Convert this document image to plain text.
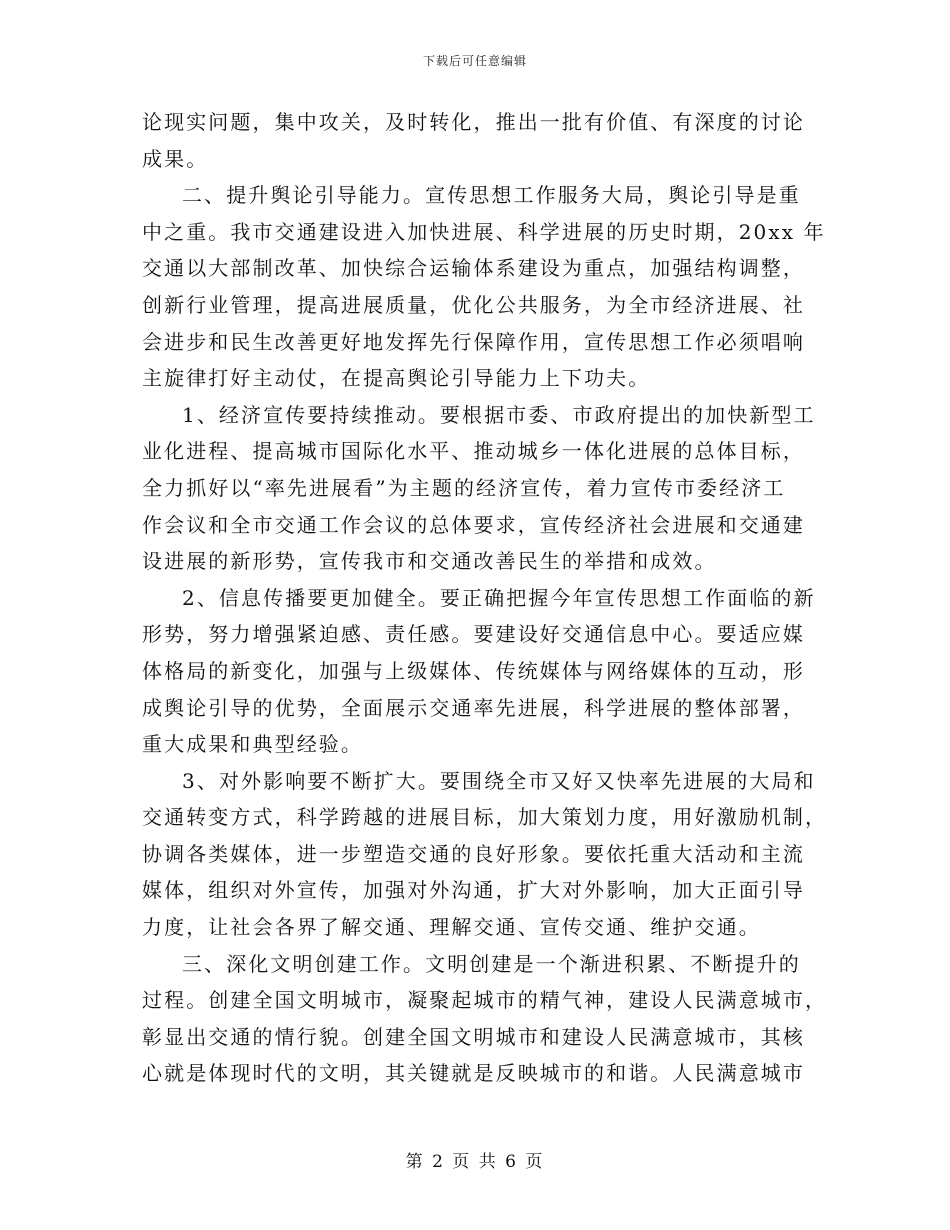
下载后可任意编辑
论现实问题，集中攻关，及时转化，推出一批有价值、有深度的讨论
成果。
二、提升舆论引导能力。宣传思想工作服务大局，舆论引导是重
中之重。我市交通建设进入加快进展、科学进展的历史时期，20xx 年
交通以大部制改革、加快综合运输体系建设为重点，加强结构调整，
创新行业管理，提高进展质量，优化公共服务，为全市经济进展、社
会进步和民生改善更好地发挥先行保障作用，宣传思想工作必须唱响
主旋律打好主动仗，在提高舆论引导能力上下功夫。
1、经济宣传要持续推动。要根据市委、市政府提出的加快新型工
业化进程、提高城市国际化水平、推动城乡一体化进展的总体目标，
全力抓好以“率先进展看”为主题的经济宣传，着力宣传市委经济工
作会议和全市交通工作会议的总体要求，宣传经济社会进展和交通建
设进展的新形势，宣传我市和交通改善民生的举措和成效。
2、信息传播要更加健全。要正确把握今年宣传思想工作面临的新
形势，努力增强紧迫感、责任感。要建设好交通信息中心。要适应媒
体格局的新变化，加强与上级媒体、传统媒体与网络媒体的互动，形
成舆论引导的优势，全面展示交通率先进展，科学进展的整体部署，
重大成果和典型经验。
3、对外影响要不断扩大。要围绕全市又好又快率先进展的大局和
交通转变方式，科学跨越的进展目标，加大策划力度，用好激励机制，
协调各类媒体，进一步塑造交通的良好形象。要依托重大活动和主流
媒体，组织对外宣传，加强对外沟通，扩大对外影响，加大正面引导
力度，让社会各界了解交通、理解交通、宣传交通、维护交通。
三、深化文明创建工作。文明创建是一个渐进积累、不断提升的
过程。创建全国文明城市，凝聚起城市的精气神，建设人民满意城市，
彰显出交通的情行貌。创建全国文明城市和建设人民满意城市，其核
心就是体现时代的文明，其关键就是反映城市的和谐。人民满意城市
第 2 页 共 6 页
